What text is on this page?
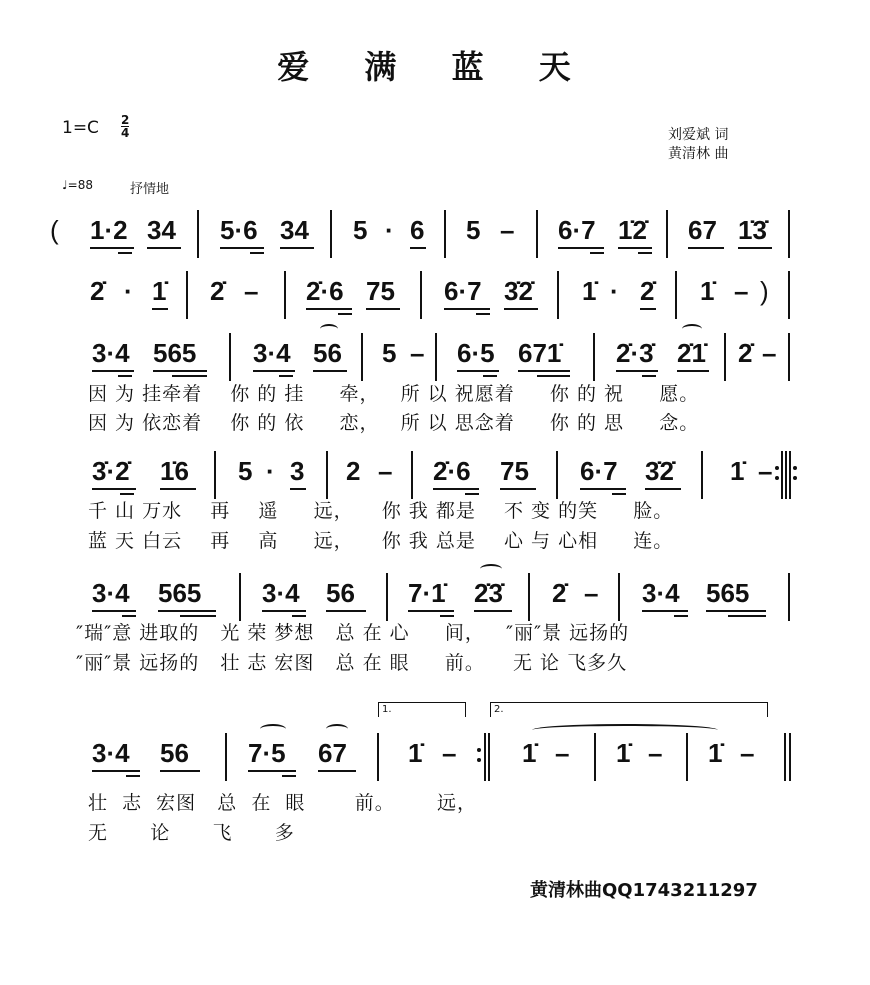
爱 满 蓝 天
1=C 2
4	刘爱斌 词
黄清林 曲
♩=88	抒情地
( 1·2 34 5·6 34 5 · 6 5 – 6·7 1̇2̇ 67 1̇3̇
2̇ · 1̇ 2̇ – 2̇·6 75 6·7 3̇2̇ 1̇ · 2̇ 1̇ – )
3·4 565 3·4 56 5 – 6·5 671̇ 2̇·3̇ 2̇1̇ 2̇ –
因 为 挂牵着    你 的 挂     牵，   所 以 祝愿着     你 的 祝     愿。
因 为 依恋着    你 的 依     恋，   所 以 思念着     你 的 思     念。
3̇·2̇ 1̇6 5 · 3 2 – 2̇·6 75 6·7 3̇2̇ 1̇ –
千 山 万水    再    遥     远，    你 我 都是    不 变 的笑     脸。
蓝 天 白云    再    高     远，    你 我 总是    心 与 心相     连。
3·4 565 3·4 56 7·1̇ 2̇3̇ 2̇ – 3·4 565
″瑞″意 进取的   光 荣 梦想   总 在 心     间，   ″丽″景 远扬的
″丽″景 远扬的   壮 志 宏图   总 在 眼     前。    无 论 飞多久
1.	2.
3·4 56 7·5 67 1̇ –	1̇ – 1̇ – 1̇ –
壮  志  宏图   总  在  眼       前。      远，
无      论      飞      多
黄清林曲QQ1743211297
